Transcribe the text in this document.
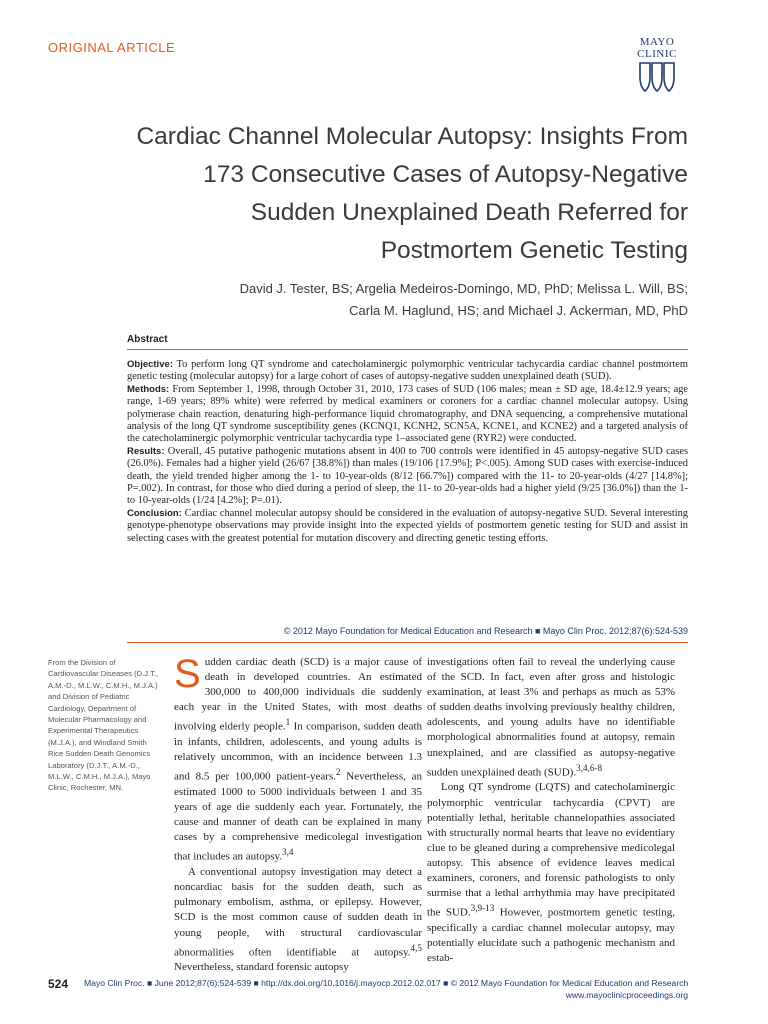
ORIGINAL ARTICLE	MAYO
CLINIC
Cardiac Channel Molecular Autopsy: Insights From 173 Consecutive Cases of Autopsy-Negative Sudden Unexplained Death Referred for Postmortem Genetic Testing
David J. Tester, BS; Argelia Medeiros-Domingo, MD, PhD; Melissa L. Will, BS;
Carla M. Haglund, HS; and Michael J. Ackerman, MD, PhD
Abstract

Objective: To perform long QT syndrome and catecholaminergic polymorphic ventricular tachycardia cardiac channel postmortem genetic testing (molecular autopsy) for a large cohort of cases of autopsy-negative sudden unexplained death (SUD).

Methods: From September 1, 1998, through October 31, 2010, 173 cases of SUD (106 males; mean ± SD age, 18.4±12.9 years; age range, 1-69 years; 89% white) were referred by medical examiners or coroners for a cardiac channel molecular autopsy. Using polymerase chain reaction, denaturing high-performance liquid chromatography, and DNA sequencing, a comprehensive mutational analysis of the long QT syndrome susceptibility genes (KCNQ1, KCNH2, SCN5A, KCNE1, and KCNE2) and a targeted analysis of the catecholaminergic polymorphic ventricular tachycardia type 1–associated gene (RYR2) were conducted.

Results: Overall, 45 putative pathogenic mutations absent in 400 to 700 controls were identified in 45 autopsy-negative SUD cases (26.0%). Females had a higher yield (26/67 [38.8%]) than males (19/106 [17.9%]; P<.005). Among SUD cases with exercise-induced death, the yield trended higher among the 1- to 10-year-olds (8/12 [66.7%]) compared with the 11- to 20-year-olds (4/27 [14.8%]; P=.002). In contrast, for those who died during a period of sleep, the 11- to 20-year-olds had a higher yield (9/25 [36.0%]) than the 1- to 10-year-olds (1/24 [4.2%]; P=.01).

Conclusion: Cardiac channel molecular autopsy should be considered in the evaluation of autopsy-negative SUD. Several interesting genotype-phenotype observations may provide insight into the expected yields of postmortem genetic testing for SUD and assist in selecting cases with the greatest potential for mutation discovery and directing genetic testing efforts.

© 2012 Mayo Foundation for Medical Education and Research ■ Mayo Clin Proc. 2012;87(6):524-539
From the Division of Cardiovascular Diseases (D.J.T., A.M.-D., M.L.W., C.M.H., M.J.A.) and Division of Pediatric Cardiology, Department of Molecular Pharmacology and Experimental Therapeutics (M.J.A.), and Windland Smith Rice Sudden Death Genomics Laboratory (D.J.T., A.M.-D., M.L.W., C.M.H., M.J.A.), Mayo Clinic, Rochester, MN.

Sudden cardiac death (SCD) is a major cause of death in developed countries. An estimated 300,000 to 400,000 individuals die suddenly each year in the United States, with most deaths involving elderly people.$^1$ In comparison, sudden death in infants, children, adolescents, and young adults is relatively uncommon, with an incidence between 1.3 and 8.5 per 100,000 patient-years.$^2$ Nevertheless, an estimated 1000 to 5000 individuals between 1 and 35 years of age die suddenly each year. Fortunately, the cause and manner of death can be explained in many cases by a comprehensive medicolegal investigation that includes an autopsy.$^{3,4}$

A conventional autopsy investigation may detect a noncardiac basis for the sudden death, such as pulmonary embolism, asthma, or epilepsy. However, SCD is the most common cause of sudden death in young people, with structural cardiovascular abnormalities often identifiable at autopsy.$^{4,5}$ Nevertheless, standard forensic autopsy

investigations often fail to reveal the underlying cause of the SCD. In fact, even after gross and histologic examination, at least 3% and perhaps as much as 53% of sudden deaths involving previously healthy children, adolescents, and young adults have no identifiable morphological abnormalities found at autopsy, remain unexplained, and are classified as autopsy-negative sudden unexplained death (SUD).$^{3,4,6-8}$

Long QT syndrome (LQTS) and catecholaminergic polymorphic ventricular tachycardia (CPVT) are potentially lethal, heritable channelopathies associated with structurally normal hearts that leave no evidentiary clue to be gleaned during a comprehensive medicolegal autopsy. This absence of evidence leaves medical examiners, coroners, and forensic pathologists to only surmise that a lethal arrhythmia may have precipitated the SUD.$^{3,9-13}$ However, postmortem genetic testing, specifically a cardiac channel molecular autopsy, may potentially elucidate such a pathogenic mechanism and estab-

524 Mayo Clin Proc. ■ June 2012;87(6):524-539 ■ http://dx.doi.org/10.1016/j.mayocp.2012.02.017 ■ © 2012 Mayo Foundation for Medical Education and Research
www.mayoclinicproceedings.org
